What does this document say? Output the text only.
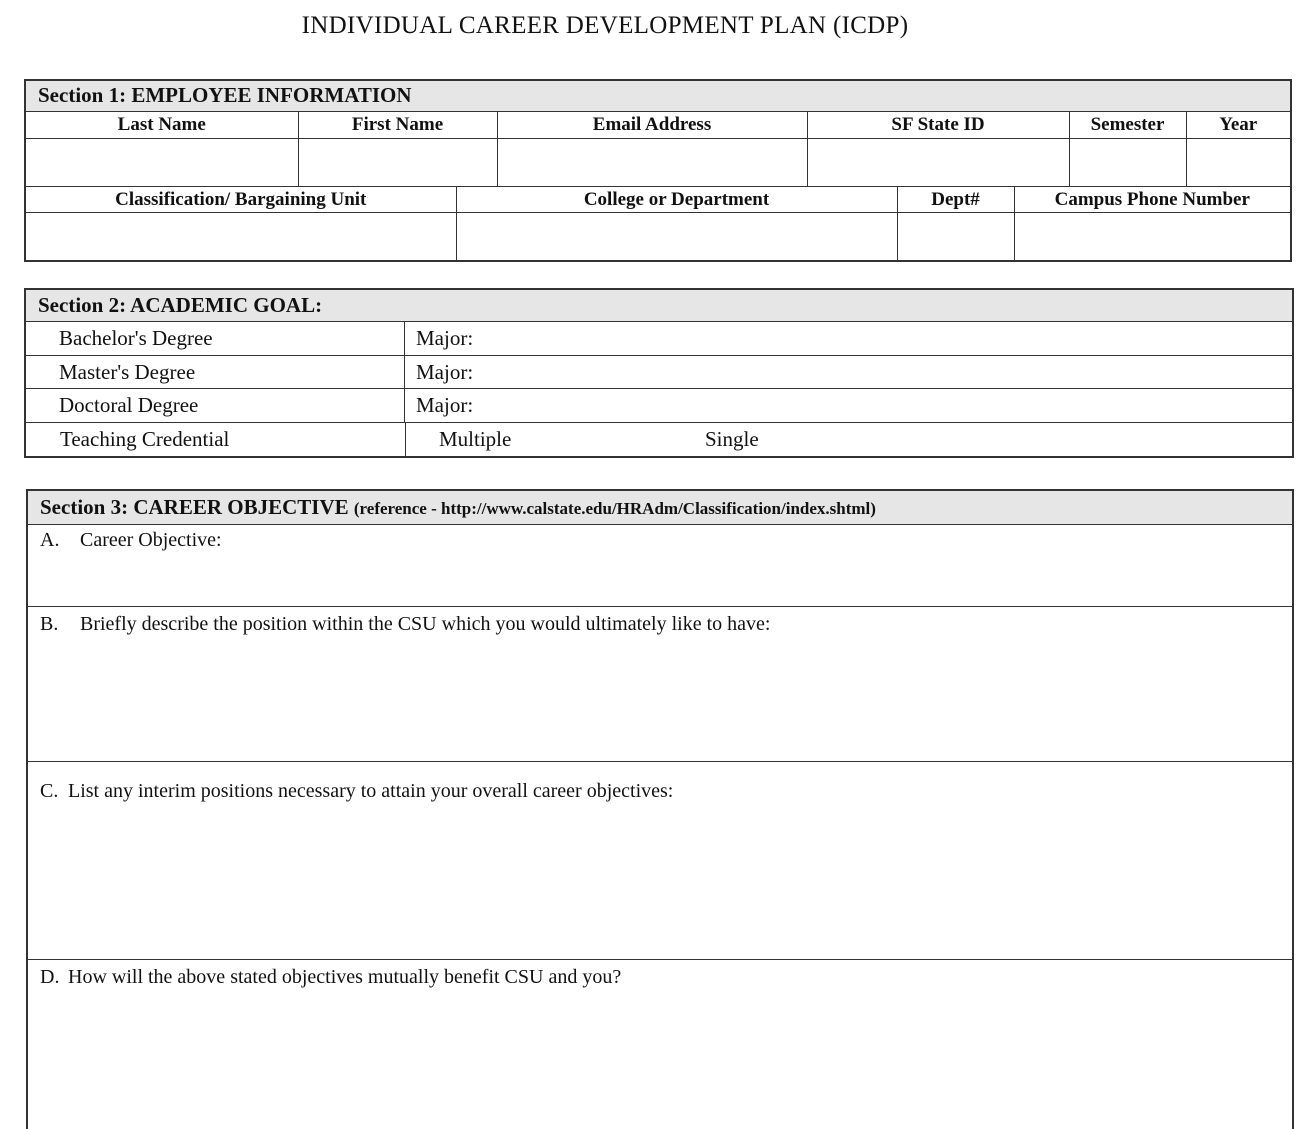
INDIVIDUAL CAREER DEVELOPMENT PLAN (ICDP)
Section 1: EMPLOYEE INFORMATION
Last Name	First Name	Email Address	SF State ID	Semester	Year

Classification/ Bargaining Unit	College or Department	Dept#	Campus Phone Number

Section 2: ACADEMIC GOAL:
Bachelor's Degree	Major:
Master's Degree	Major:
Doctoral Degree	Major:
Teaching Credential	Multiple	Single
Section 3: CAREER OBJECTIVE (reference - http://www.calstate.edu/HRAdm/Classification/index.shtml)
A. Career Objective:
B. Briefly describe the position within the CSU which you would ultimately like to have:
C. List any interim positions necessary to attain your overall career objectives:
D. How will the above stated objectives mutually benefit CSU and you?
